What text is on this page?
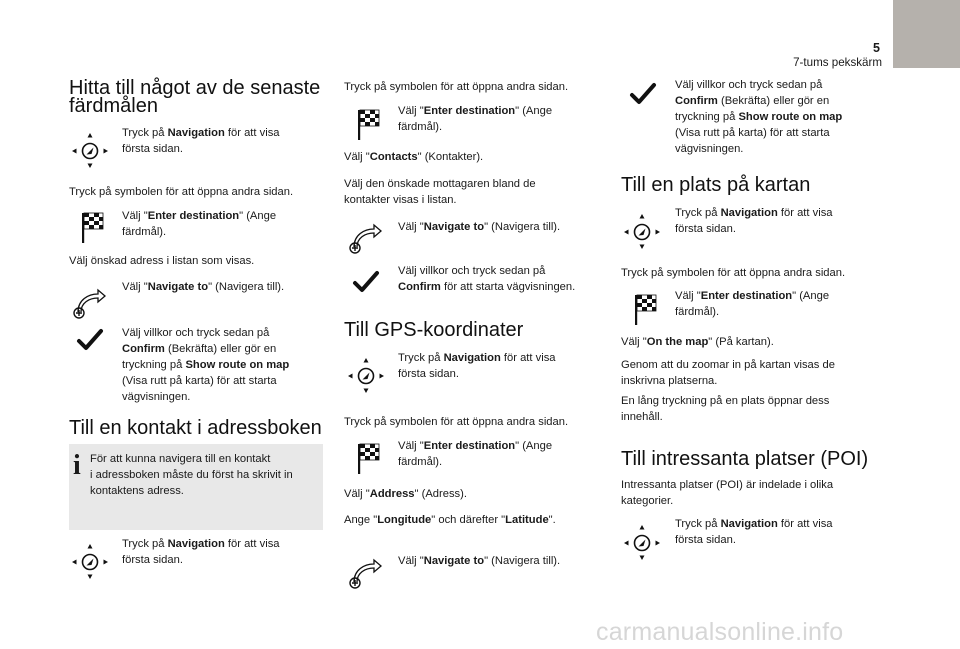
5
7-tums pekskärm
Hitta till något av de senaste
färdmålen

Tryck på Navigation för att visa

första sidan.

Tryck på symbolen för att öppna andra sidan.

Välj "Enter destination" (Ange

färdmål).

Välj önskad adress i listan som visas.

Välj "Navigate to" (Navigera till).

Välj villkor och tryck sedan på

Confirm (Bekräfta) eller gör en

tryckning på Show route on map

(Visa rutt på karta) för att starta

vägvisningen.

Till en kontakt i adressboken
i För att kunna navigera till en kontakt

i adressboken måste du först ha skrivit in

kontaktens adress.

Tryck på Navigation för att visa

första sidan.

Tryck på symbolen för att öppna andra sidan.

Välj "Enter destination" (Ange

färdmål).

Välj "Contacts" (Kontakter).

Välj den önskade mottagaren bland de

kontakter visas i listan.

Välj "Navigate to" (Navigera till).

Välj villkor och tryck sedan på

Confirm för att starta vägvisningen.

Till GPS-koordinater

Tryck på Navigation för att visa

första sidan.

Tryck på symbolen för att öppna andra sidan.

Välj "Enter destination" (Ange

färdmål).

Välj "Address" (Adress).

Ange "Longitude" och därefter "Latitude".

Välj "Navigate to" (Navigera till).

Välj villkor och tryck sedan på

Confirm (Bekräfta) eller gör en

tryckning på Show route on map

(Visa rutt på karta) för att starta

vägvisningen.

Till en plats på kartan

Tryck på Navigation för att visa

första sidan.

Tryck på symbolen för att öppna andra sidan.

Välj "Enter destination" (Ange

färdmål).

Välj "On the map" (På kartan).

Genom att du zoomar in på kartan visas de

inskrivna platserna.

En lång tryckning på en plats öppnar dess

innehåll.

Till intressanta platser (POI)

Intressanta platser (POI) är indelade i olika

kategorier.

Tryck på Navigation för att visa

första sidan.

carmanualsonline.info
